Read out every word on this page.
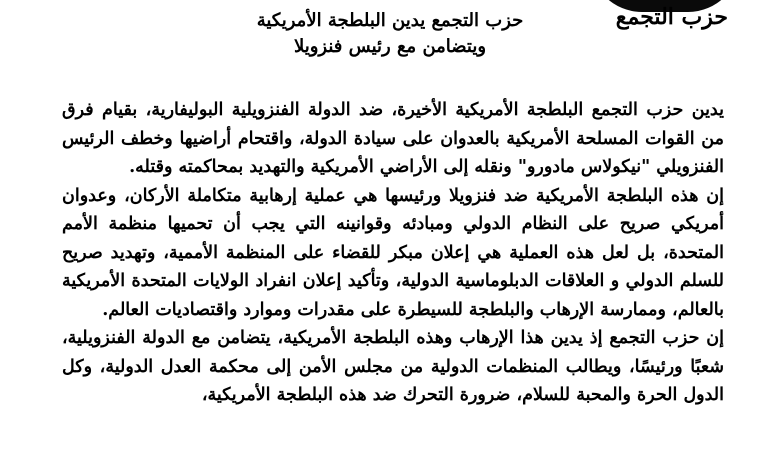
حزب التجمع
حزب التجمع يدين البلطجة الأمريكية
ويتضامن مع رئيس فنزويلا

يدين حزب التجمع البلطجة الأمريكية الأخيرة، ضد الدولة الفنزويلية البوليفارية، بقيام فرق من القوات المسلحة الأمريكية بالعدوان على سيادة الدولة، واقتحام أراضيها وخطف الرئيس الفنزويلي "نيكولاس مادورو" ونقله إلى الأراضي الأمريكية والتهديد بمحاكمته وقتله.

إن هذه البلطجة الأمريكية ضد فنزويلا ورئيسها هي عملية إرهابية متكاملة الأركان، وعدوان أمريكي صريح على النظام الدولي ومبادئه وقوانينه التي يجب أن تحميها منظمة الأمم المتحدة، بل لعل هذه العملية هي إعلان مبكر للقضاء على المنظمة الأممية، وتهديد صريح للسلم الدولي و العلاقات الدبلوماسية الدولية، وتأكيد إعلان انفراد الولايات المتحدة الأمريكية بالعالم، وممارسة الإرهاب والبلطجة للسيطرة على مقدرات وموارد واقتصاديات العالم.

إن حزب التجمع إذ يدين هذا الإرهاب وهذه البلطجة الأمريكية، يتضامن مع الدولة الفنزويلية، شعبًا ورئيسًا، ويطالب المنظمات الدولية من مجلس الأمن إلى محكمة العدل الدولية، وكل الدول الحرة والمحبة للسلام، ضرورة التحرك ضد هذه البلطجة الأمريكية،
